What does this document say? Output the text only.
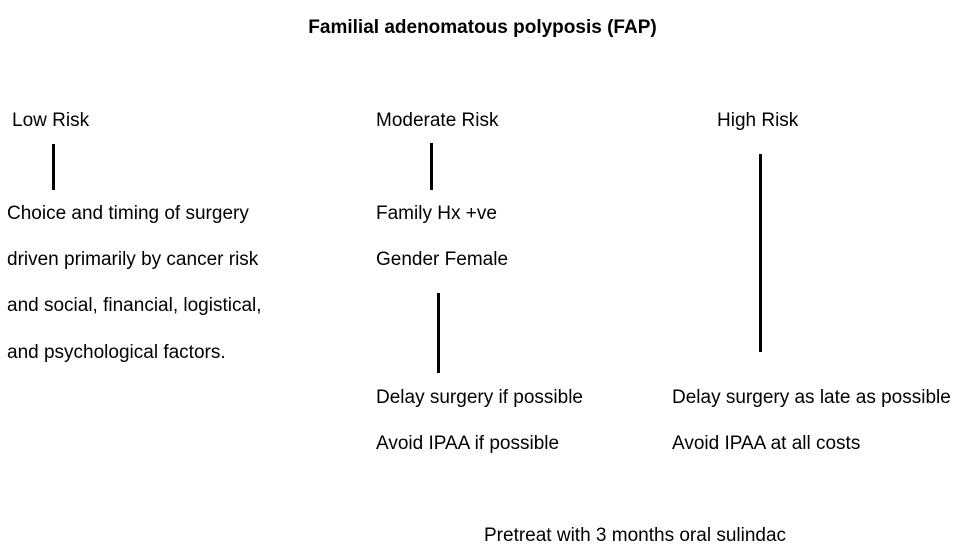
Familial adenomatous polyposis (FAP)
Low Risk
Choice and timing of surgery
driven primarily by cancer risk
and social, financial, logistical,
and psychological factors.
Moderate Risk
Family Hx +ve
Gender Female
Delay surgery if possible
Avoid IPAA if possible
High Risk
Delay surgery as late as possible
Avoid IPAA at all costs
Pretreat with 3 months oral sulindac
